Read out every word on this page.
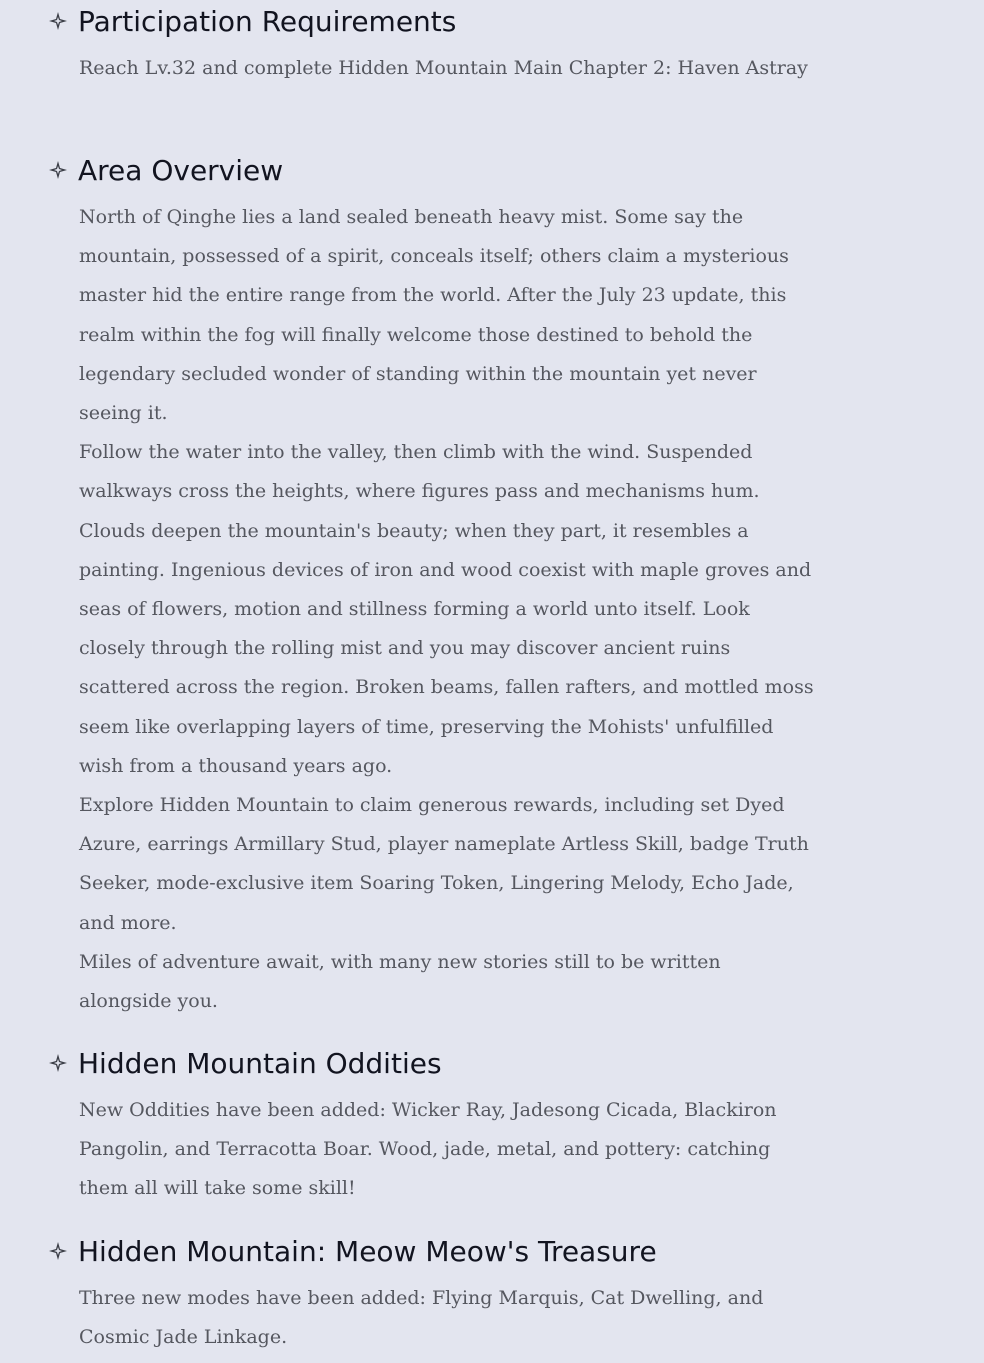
Participation Requirements

Reach Lv.32 and complete Hidden Mountain Main Chapter 2: Haven Astray

Area Overview

North of Qinghe lies a land sealed beneath heavy mist. Some say the mountain, possessed of a spirit, conceals itself; others claim a mysterious master hid the entire range from the world. After the July 23 update, this realm within the fog will finally welcome those destined to behold the legendary secluded wonder of standing within the mountain yet never seeing it.

Follow the water into the valley, then climb with the wind. Suspended walkways cross the heights, where figures pass and mechanisms hum. Clouds deepen the mountain's beauty; when they part, it resembles a painting. Ingenious devices of iron and wood coexist with maple groves and seas of flowers, motion and stillness forming a world unto itself. Look closely through the rolling mist and you may discover ancient ruins scattered across the region. Broken beams, fallen rafters, and mottled moss seem like overlapping layers of time, preserving the Mohists' unfulfilled wish from a thousand years ago.

Explore Hidden Mountain to claim generous rewards, including set Dyed Azure, earrings Armillary Stud, player nameplate Artless Skill, badge Truth Seeker, mode-exclusive item Soaring Token, Lingering Melody, Echo Jade, and more.

Miles of adventure await, with many new stories still to be written alongside you.

Hidden Mountain Oddities

New Oddities have been added: Wicker Ray, Jadesong Cicada, Blackiron Pangolin, and Terracotta Boar. Wood, jade, metal, and pottery: catching them all will take some skill!

Hidden Mountain: Meow Meow's Treasure

Three new modes have been added: Flying Marquis, Cat Dwelling, and Cosmic Jade Linkage.
